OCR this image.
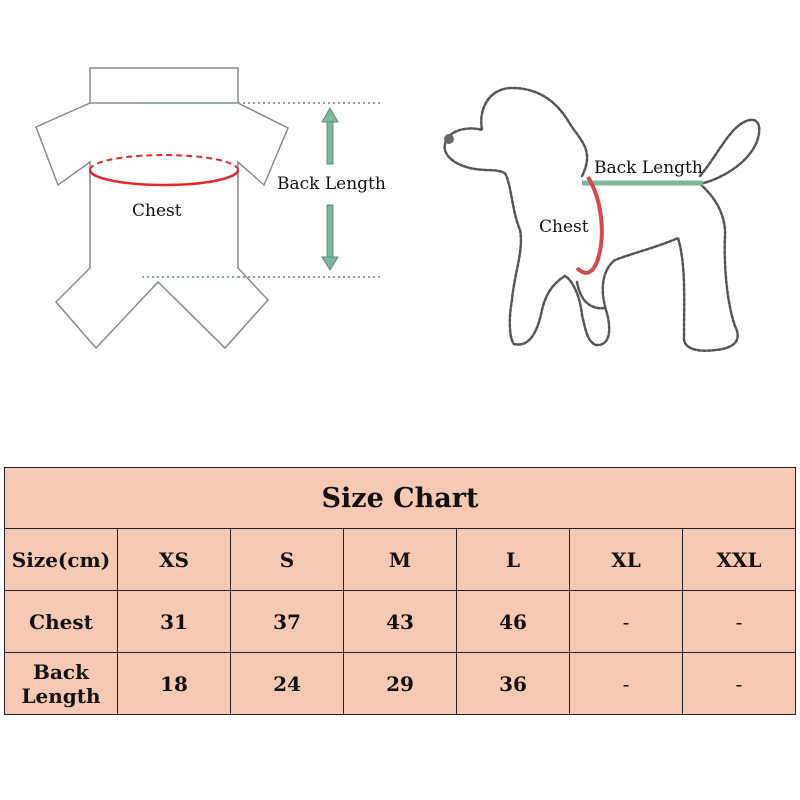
Chest
Back Length
Chest
Back Length
Size Chart						
Size(cm)	XS	S	M	L	XL	XXL
Chest	31	37	43	46	-	-
Back Length	18	24	29	36	-	-
